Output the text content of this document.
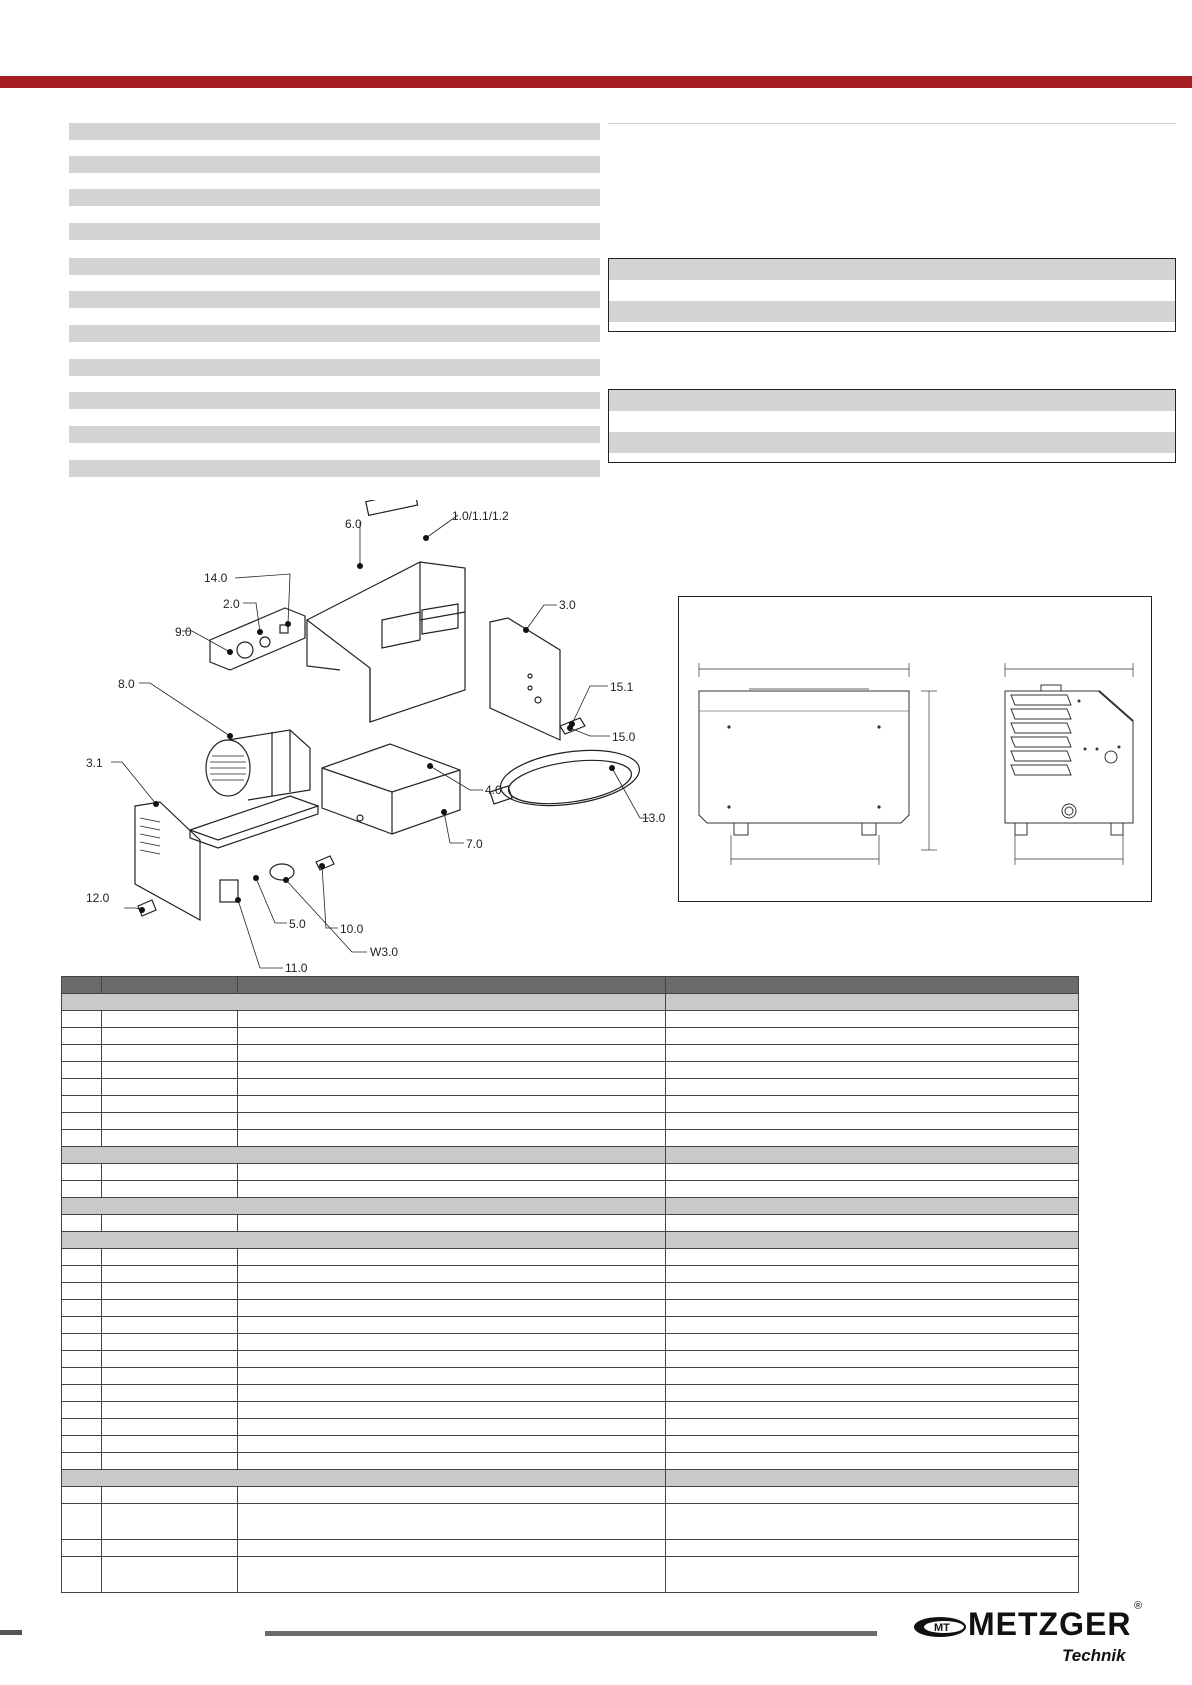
6.0
1.0/1.1/1.2
14.0
2.0
9.0
8.0
3.0
15.1
15.0
4.0
13.0
7.0
3.1
12.0
5.0	10.0
W3.0
11.0

MT METZGER
Technik
®
